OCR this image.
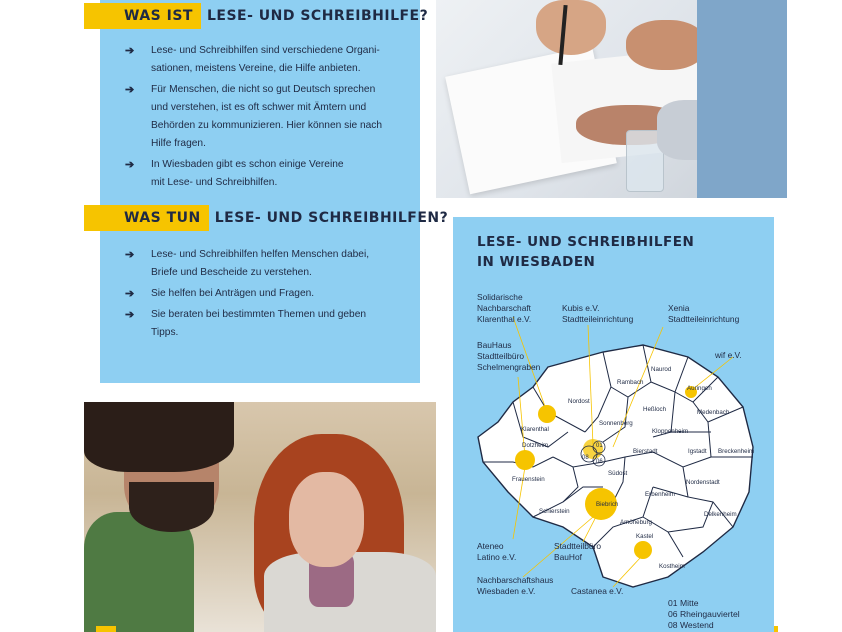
WAS IST	LESE- UND SCHREIBHILFE?
➔ Lese- und Schreibhilfen sind verschiedene Organi-
sationen, meistens Vereine, die Hilfe anbieten.
➔ Für Menschen, die nicht so gut Deutsch sprechen
und verstehen, ist es oft schwer mit Ämtern und
Behörden zu kommunizieren. Hier können sie nach
Hilfe fragen.
➔ In Wiesbaden gibt es schon einige Vereine
mit Lese- und Schreibhilfen.
WAS TUN	LESE- UND SCHREIBHILFEN?
➔ Lese- und Schreibhilfen helfen Menschen dabei,
Briefe und Bescheide zu verstehen.
➔ Sie helfen bei Anträgen und Fragen.
➔ Sie beraten bei bestimmten Themen und geben Tipps.
LESE- UND SCHREIBHILFEN
IN WIESBADEN
Solidarische
Nachbarschaft
Klarenthal e.V.
Kubis e.V.
Stadtteileinrichtung
Xenia
Stadtteileinrichtung
BauHaus
Stadtteilbüro
Schelmengraben
wif e.V.
Ateneo
Latino e.V.
Stadtteilbüro
BauHof
Nachbarschaftshaus
Wiesbaden e.V.	Castanea e.V.
Rambach
Naurod
Auringen
Nordost
Heßloch	Medenbach
Sonnenberg
Klarenthal	Kloppenheim
Dotzheim
Bierstadt	Igstadt Breckenheim
Südost
Frauenstein	Nordenstadt
Erbenheim
Biebrich
Schierstein	Delkenheim
Amöneburg
Kastel
Kostheim
01
08
06
01 Mitte
06 Rheingauviertel
08 Westend
